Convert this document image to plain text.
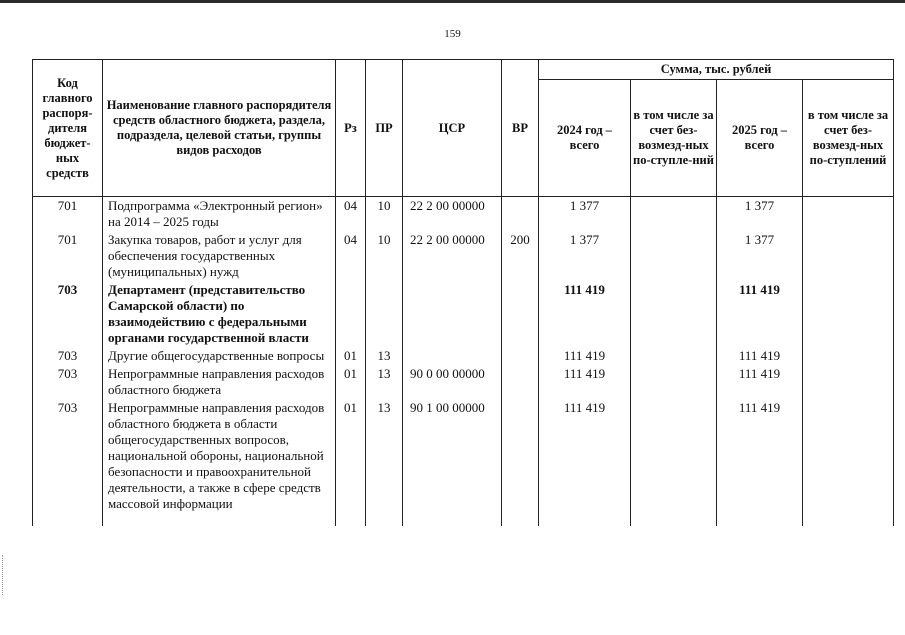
159
Код главного распоря-дителя бюджет-ных средств	Наименование главного распорядителя средств областного бюджета, раздела, подраздела, целевой статьи, группы видов расходов	Рз	ПР	ЦСР	ВР	Сумма, тыс. рублей			
						2024 год – всего	в том числе за счет без-возмезд-ных по-ступле-ний	2025 год – всего	в том числе за счет без-возмезд-ных по-ступлений
701	Подпрограмма «Электронный регион» на 2014 – 2025 годы	04	10	22 2 00 00000		1 377		1 377	
701	Закупка товаров, работ и услуг для обеспечения государственных (муниципальных) нужд	04	10	22 2 00 00000	200	1 377		1 377	
703	Департамент (представительство Самарской области) по взаимодействию с федеральными органами государственной власти					111 419		111 419	
703	Другие общегосударственные вопросы	01	13			111 419		111 419	
703	Непрограммные направления расходов областного бюджета	01	13	90 0 00 00000		111 419		111 419	
703	Непрограммные направления расходов областного бюджета в области общегосударственных вопросов, национальной обороны, национальной безопасности и правоохранительной деятельности, а также в сфере средств массовой информации	01	13	90 1 00 00000		111 419		111 419	
